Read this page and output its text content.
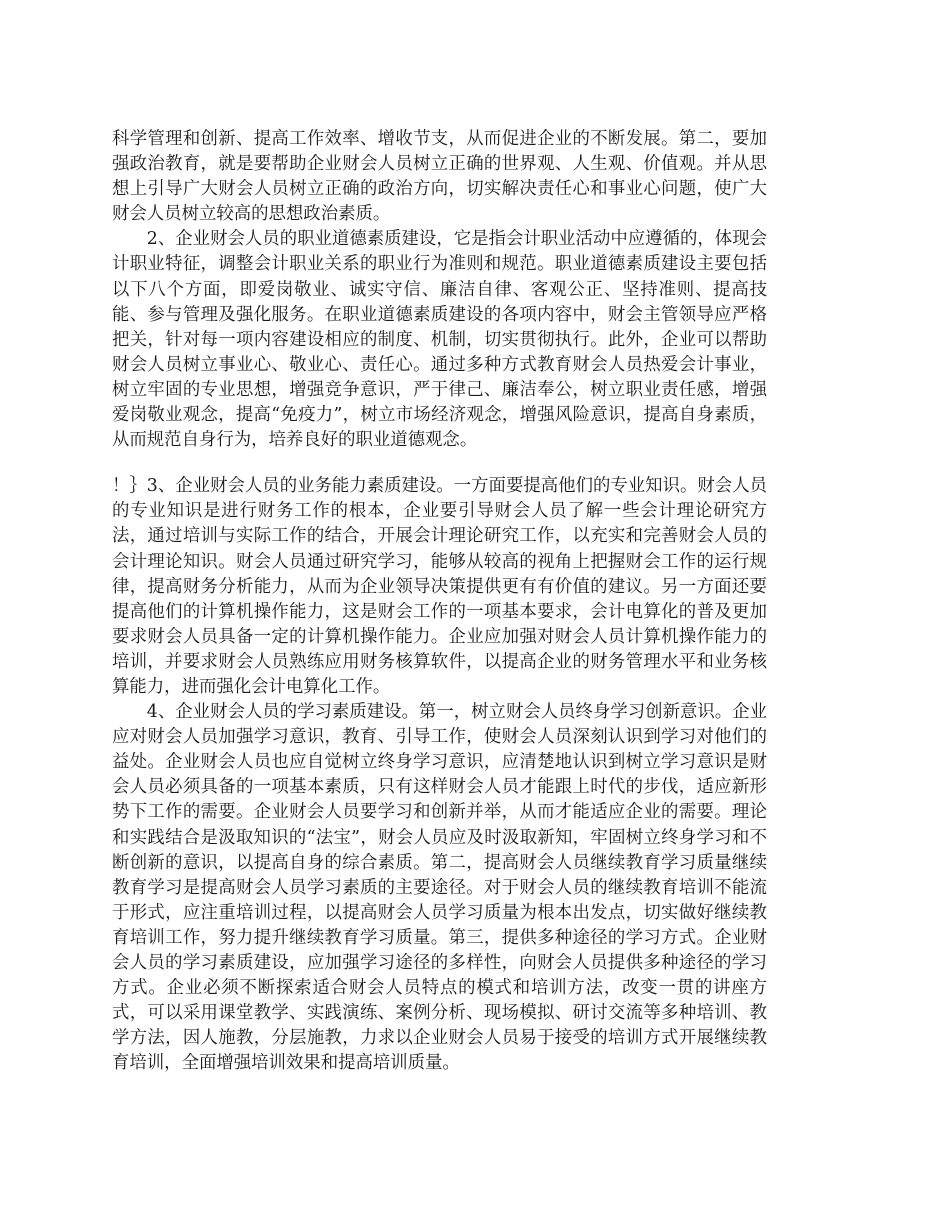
科学管理和创新、提高工作效率、增收节支，从而促进企业的不断发展。第二，要加强政治教育，就是要帮助企业财会人员树立正确的世界观、人生观、价值观。并从思想上引导广大财会人员树立正确的政治方向，切实解决责任心和事业心问题，使广大财会人员树立较高的思想政治素质。

2、企业财会人员的职业道德素质建设，它是指会计职业活动中应遵循的，体现会计职业特征，调整会计职业关系的职业行为准则和规范。职业道德素质建设主要包括以下八个方面，即爱岗敬业、诚实守信、廉洁自律、客观公正、坚持准则、提高技能、参与管理及强化服务。在职业道德素质建设的各项内容中，财会主管领导应严格把关，针对每一项内容建设相应的制度、机制，切实贯彻执行。此外，企业可以帮助财会人员树立事业心、敬业心、责任心。通过多种方式教育财会人员热爱会计事业，树立牢固的专业思想，增强竞争意识，严于律己、廉洁奉公，树立职业责任感，增强爱岗敬业观念，提高“免疫力”，树立市场经济观念，增强风险意识，提高自身素质，从而规范自身行为，培养良好的职业道德观念。

！｝3、企业财会人员的业务能力素质建设。一方面要提高他们的专业知识。财会人员的专业知识是进行财务工作的根本，企业要引导财会人员了解一些会计理论研究方法，通过培训与实际工作的结合，开展会计理论研究工作，以充实和完善财会人员的会计理论知识。财会人员通过研究学习，能够从较高的视角上把握财会工作的运行规律，提高财务分析能力，从而为企业领导决策提供更有有价值的建议。另一方面还要提高他们的计算机操作能力，这是财会工作的一项基本要求，会计电算化的普及更加要求财会人员具备一定的计算机操作能力。企业应加强对财会人员计算机操作能力的培训，并要求财会人员熟练应用财务核算软件，以提高企业的财务管理水平和业务核算能力，进而强化会计电算化工作。

4、企业财会人员的学习素质建设。第一，树立财会人员终身学习创新意识。企业应对财会人员加强学习意识，教育、引导工作，使财会人员深刻认识到学习对他们的益处。企业财会人员也应自觉树立终身学习意识，应清楚地认识到树立学习意识是财会人员必须具备的一项基本素质，只有这样财会人员才能跟上时代的步伐，适应新形势下工作的需要。企业财会人员要学习和创新并举，从而才能适应企业的需要。理论和实践结合是汲取知识的“法宝”，财会人员应及时汲取新知，牢固树立终身学习和不断创新的意识，以提高自身的综合素质。第二，提高财会人员继续教育学习质量继续教育学习是提高财会人员学习素质的主要途径。对于财会人员的继续教育培训不能流于形式，应注重培训过程，以提高财会人员学习质量为根本出发点，切实做好继续教育培训工作，努力提升继续教育学习质量。第三，提供多种途径的学习方式。企业财会人员的学习素质建设，应加强学习途径的多样性，向财会人员提供多种途径的学习方式。企业必须不断探索适合财会人员特点的模式和培训方法，改变一贯的讲座方式，可以采用课堂教学、实践演练、案例分析、现场模拟、研讨交流等多种培训、教学方法，因人施教，分层施教，力求以企业财会人员易于接受的培训方式开展继续教育培训，全面增强培训效果和提高培训质量。
